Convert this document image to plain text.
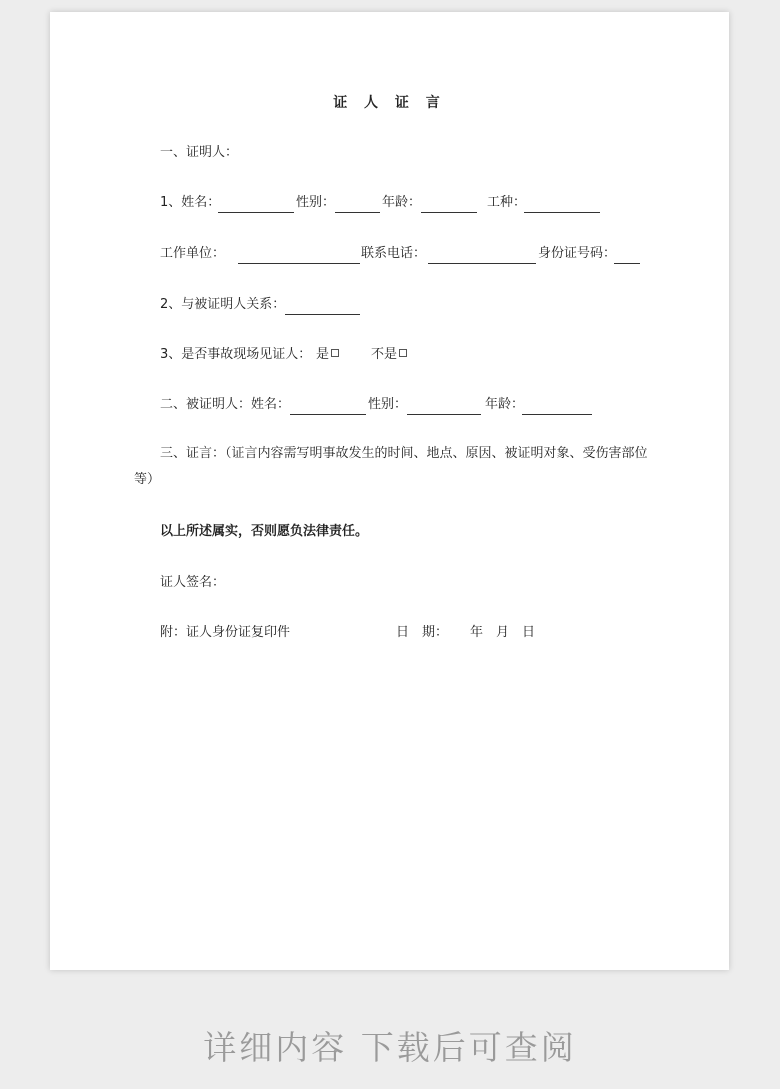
证 人 证 言
一、证明人：
1、姓名：	性别：	年龄：	工种：
工作单位：	联系电话：	身份证号码：
2、与被证明人关系：
3、是否事故现场见证人： 是	不是
二、被证明人：姓名：	性别：	年龄：
三、证言：（证言内容需写明事故发生的时间、地点、原因、被证明对象、受伤害部位
等）
以上所述属实，否则愿负法律责任。
证人签名：
附：证人身份证复印件	日　期： 年　月　日
详细内容 下载后可查阅
